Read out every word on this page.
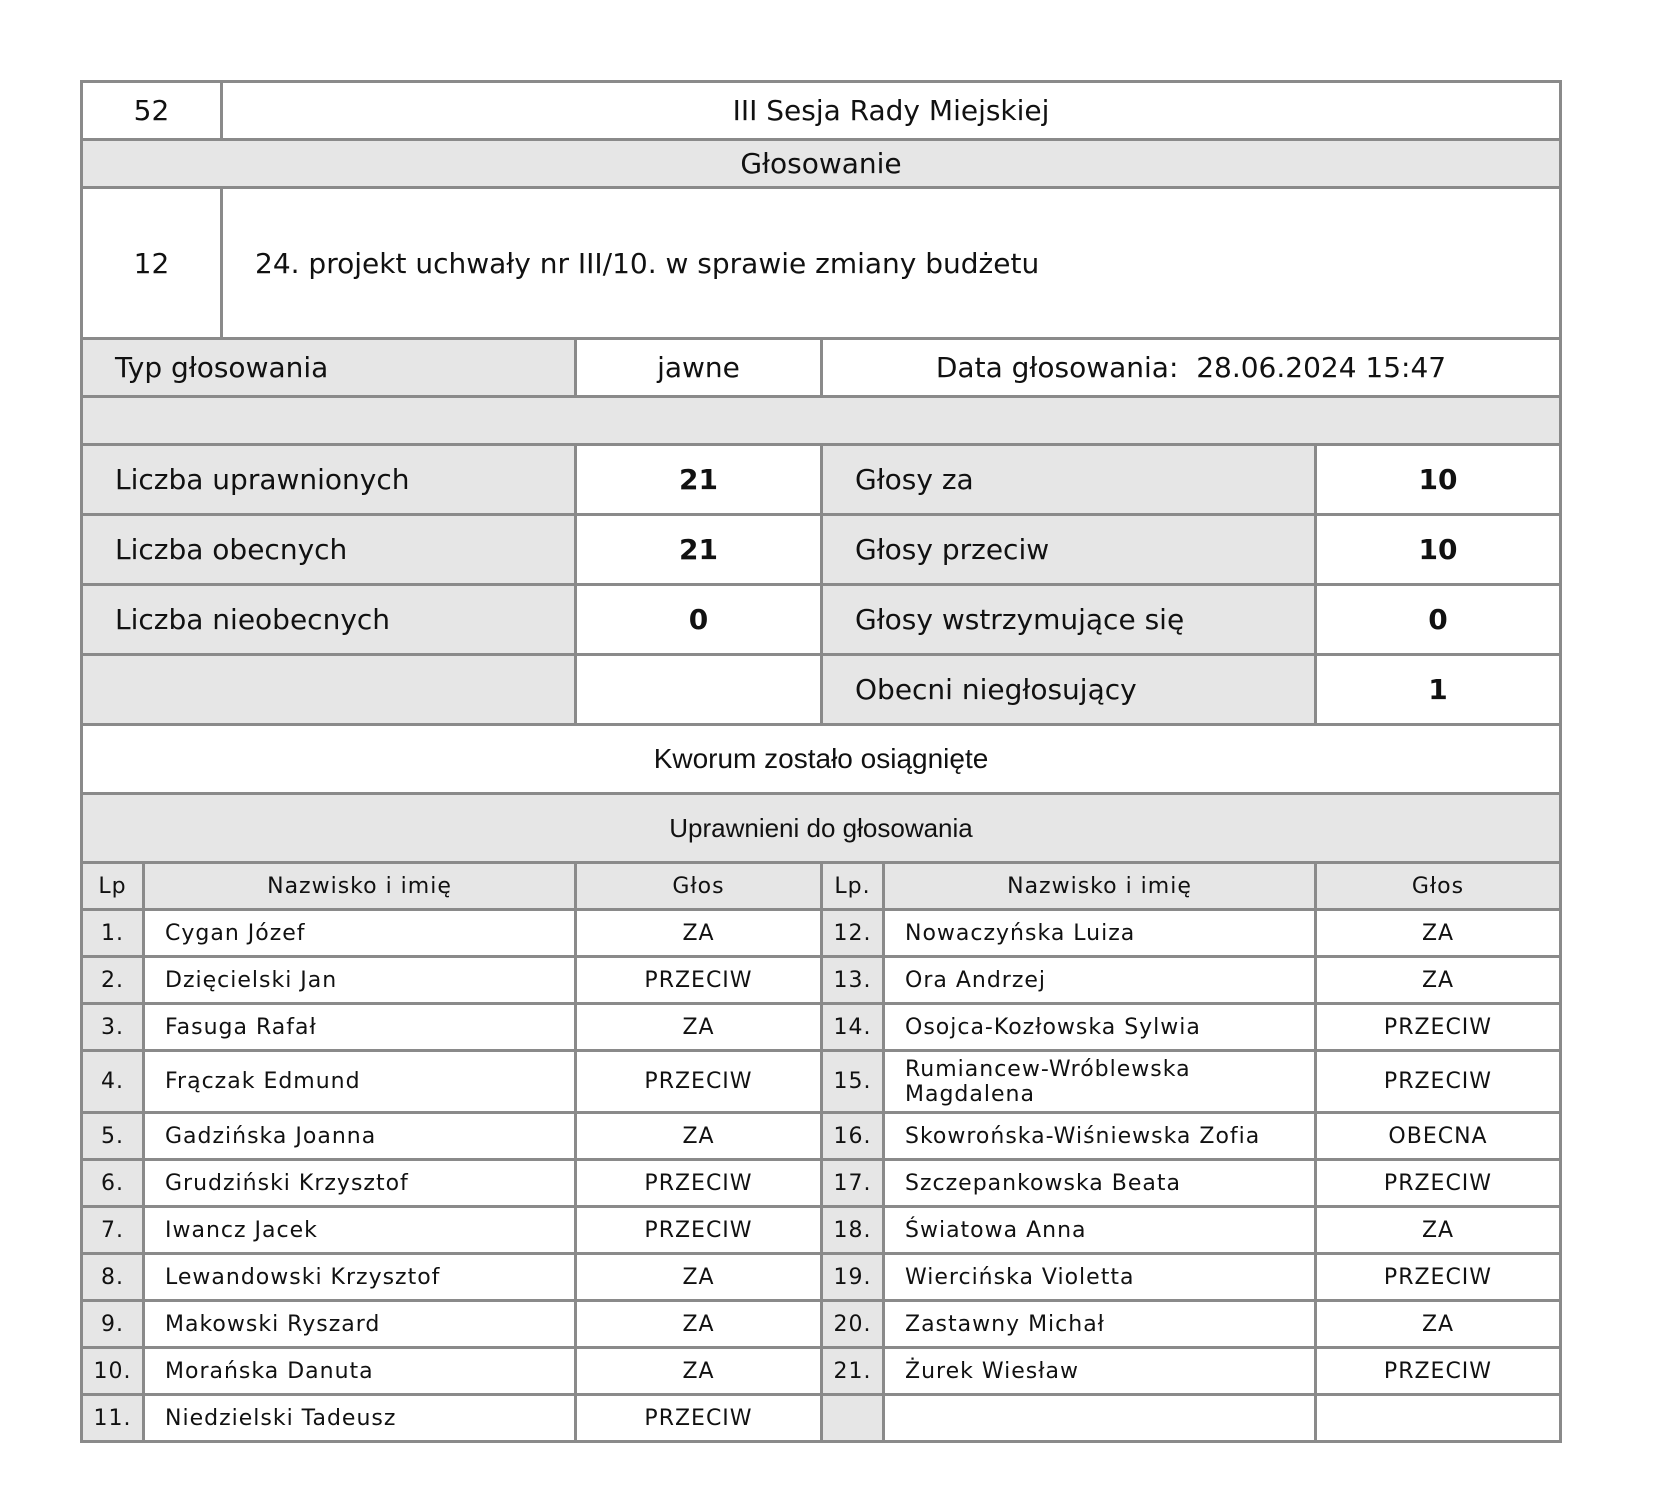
52	III Sesja Rady Miejskiej
Głosowanie
12	24. projekt uchwały nr III/10. w sprawie zmiany budżetu
Typ głosowania	jawne	Data głosowania: 28.06.2024 15:47
Liczba uprawnionych	21	Głosy za	10
Liczba obecnych	21	Głosy przeciw	10
Liczba nieobecnych	0	Głosy wstrzymujące się	0
		Obecni niegłosujący	1
Kworum zostało osiągnięte
Uprawnieni do głosowania
Lp	Nazwisko i imię	Głos	Lp.	Nazwisko i imię	Głos
1.	Cygan Józef	ZA	12.	Nowaczyńska Luiza	ZA
2.	Dzięcielski Jan	PRZECIW	13.	Ora Andrzej	ZA
3.	Fasuga Rafał	ZA	14.	Osojca-Kozłowska Sylwia	PRZECIW
4.	Frączak Edmund	PRZECIW	15.	Rumiancew-Wróblewska Magdalena	PRZECIW
5.	Gadzińska Joanna	ZA	16.	Skowrońska-Wiśniewska Zofia	OBECNA
6.	Grudziński Krzysztof	PRZECIW	17.	Szczepankowska Beata	PRZECIW
7.	Iwancz Jacek	PRZECIW	18.	Światowa Anna	ZA
8.	Lewandowski Krzysztof	ZA	19.	Wiercińska Violetta	PRZECIW
9.	Makowski Ryszard	ZA	20.	Zastawny Michał	ZA
10.	Morańska Danuta	ZA	21.	Żurek Wiesław	PRZECIW
11.	Niedzielski Tadeusz	PRZECIW			
